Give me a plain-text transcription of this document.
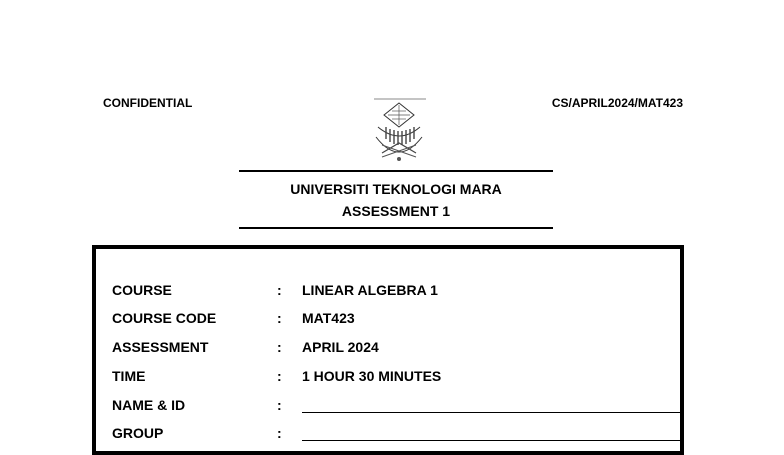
CONFIDENTIAL	CS/APRIL2024/MAT423
UNIVERSITI TEKNOLOGI MARA
ASSESSMENT 1
COURSE	: LINEAR ALGEBRA 1
COURSE CODE	: MAT423
ASSESSMENT	: APRIL 2024
TIME	: 1 HOUR 30 MINUTES
NAME & ID	:
GROUP	:
